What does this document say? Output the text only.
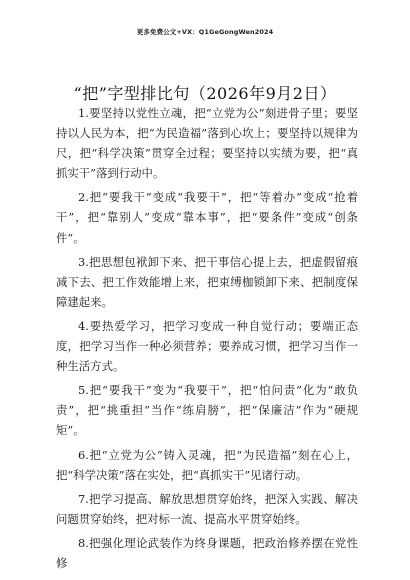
更多免费公文+VX：Q1GeGongWen2024
“把”字型排比句（2026年9月2日）

1.要坚持以党性立魂，把“立党为公”刻进骨子里；要坚持以人民为本，把“为民造福”落到心坎上；要坚持以规律为尺，把“科学决策”贯穿全过程；要坚持以实绩为要，把“真抓实干”落到行动中。

2.把“要我干”变成“我要干”，把“等着办”变成“抢着干”，把“靠别人”变成“靠本事”，把“要条件”变成“创条件”。

3.把思想包袱卸下来、把干事信心提上去，把虚假留痕减下去、把工作效能增上来，把束缚枷锁卸下来、把制度保障建起来。

4.要热爱学习，把学习变成一种自觉行动；要端正态度，把学习当作一种必须营养；要养成习惯，把学习当作一种生活方式。

5.把“要我干”变为“我要干”，把“怕问责”化为“敢负责”，把“挑重担”当作“练肩膀”，把“保廉洁”作为“硬规矩”。

6.把“立党为公”铸入灵魂，把“为民造福”刻在心上，把“科学决策”落在实处，把“真抓实干”见诸行动。

7.把学习提高、解放思想贯穿始终，把深入实践、解决问题贯穿始终，把对标一流、提高水平贯穿始终。

8.把强化理论武装作为终身课题，把政治修养摆在党性修
